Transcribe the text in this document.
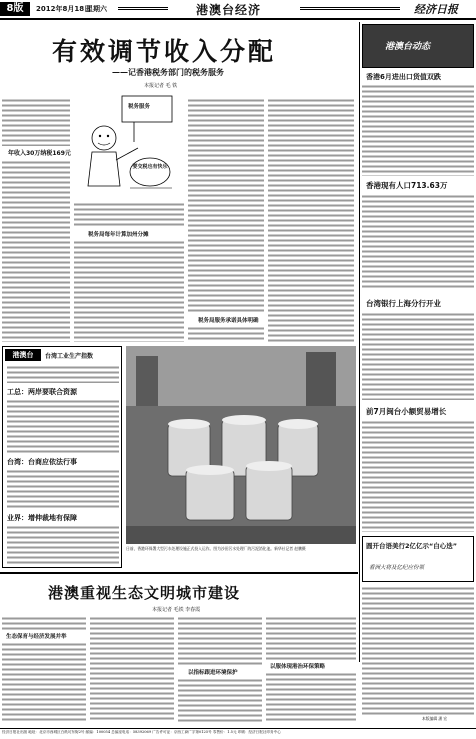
8版	2012年8月18日
星期六	港澳台经济	经济日报
有效调节收入分配
——记香港税务部门的税务服务
本报记者 毛 铁
年收入30万纳税169元
税务服务
要交税也有快乐
税务局每年计算加州分摊
税务局服务承诺具体明确
港澳台	台湾工业生产指数
工总：两岸要联合资源
台湾：台商应依法行事
业界：增伸裁地有保障
日前，香港环保署大型污水处理设施正式投入运作。图为沙田污水处理厂的污泥消化池。新华社记者 赵鹏摄
港澳台动态
香港6月进出口货值双跌
香港现有人口713.63万
台湾银行上海分行开业
前7月闽台小额贸易增长
圆开台语美行2亿亿示“白心迭”
看洲大将及亿纪应份领
本版编辑 潘 宏
港澳重视生态文明城市建设
本报记者 毛铁 李春霞
生态保育与经济发展并举
以指标跟进环境保护
以服体现港治环保策略
经济日报社出版 地址：北京市西城区白纸坊东街2号 邮编：100054 总编室电话：58392069 广告许可证：京西工商广字第0125号 零售价：1.5元 印刷：经济日报社印务中心
